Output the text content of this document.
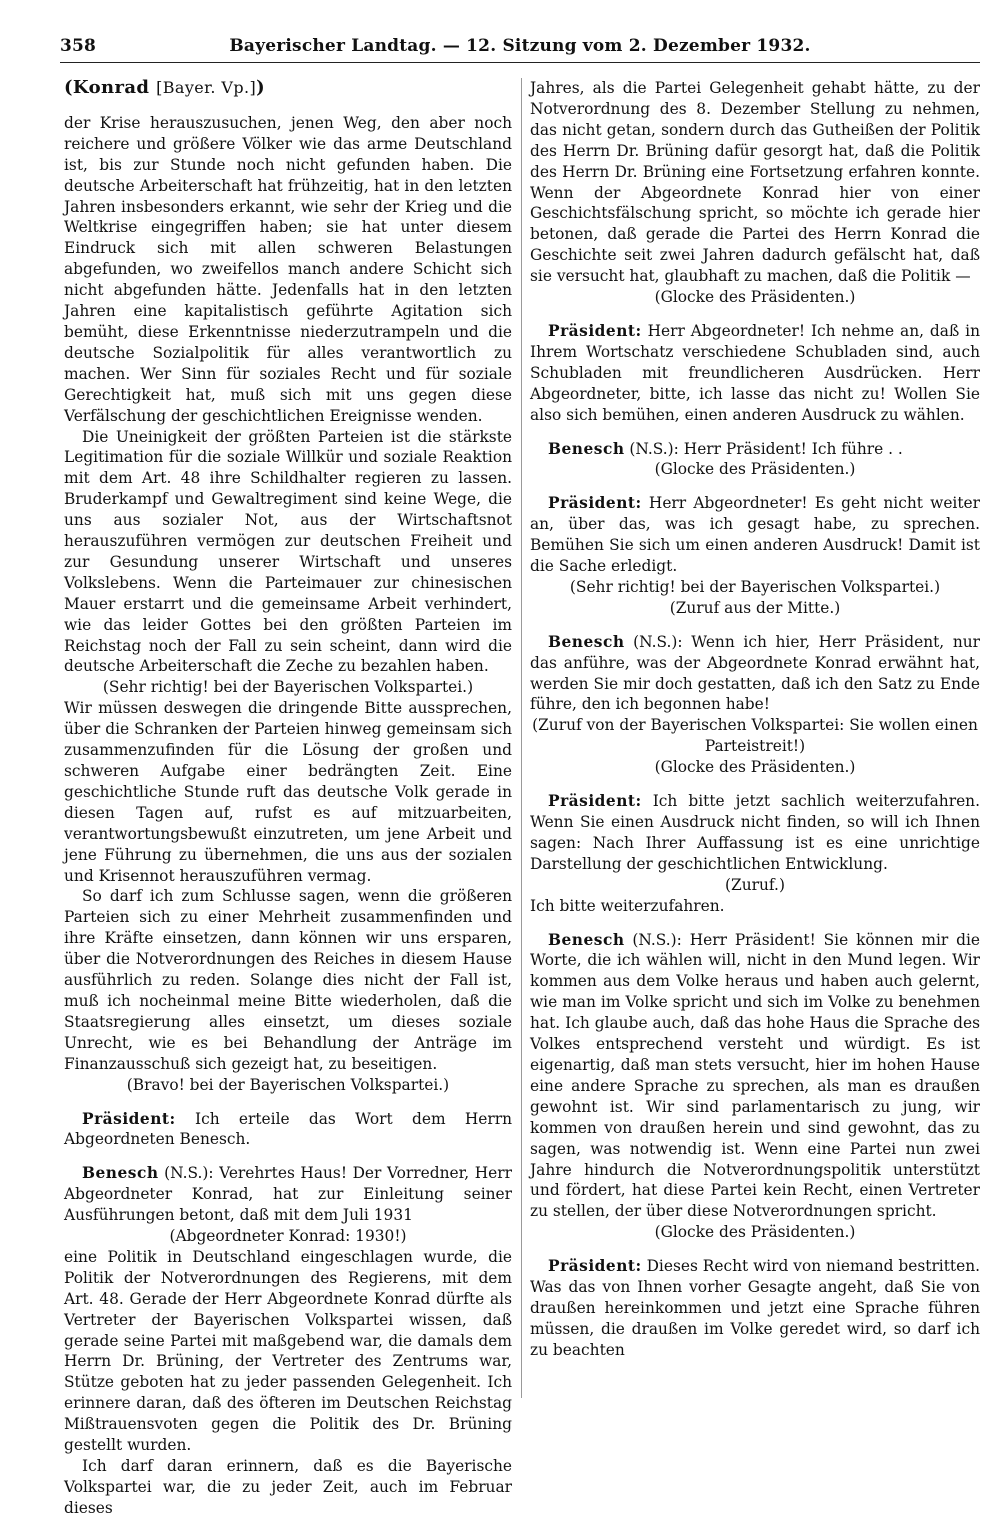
358	Bayerischer Landtag. — 12. Sitzung vom 2. Dezember 1932.

(Konrad [Bayer. Vp.])

der Krise herauszusuchen, jenen Weg, den aber noch reichere und größere Völker wie das arme Deutschland ist, bis zur Stunde noch nicht gefunden haben. Die deutsche Arbeiterschaft hat frühzeitig, hat in den letzten Jahren insbesonders erkannt, wie sehr der Krieg und die Weltkrise eingegriffen haben; sie hat unter diesem Eindruck sich mit allen schweren Belastungen abgefunden, wo zweifellos manch andere Schicht sich nicht abgefunden hätte. Jedenfalls hat in den letzten Jahren eine kapitalistisch geführte Agitation sich bemüht, diese Erkenntnisse niederzutrampeln und die deutsche Sozialpolitik für alles verantwortlich zu machen. Wer Sinn für soziales Recht und für soziale Gerechtigkeit hat, muß sich mit uns gegen diese Verfälschung der geschichtlichen Ereignisse wenden.

Die Uneinigkeit der größten Parteien ist die stärkste Legitimation für die soziale Willkür und soziale Reaktion mit dem Art. 48 ihre Schildhalter regieren zu lassen. Bruderkampf und Gewaltregiment sind keine Wege, die uns aus sozialer Not, aus der Wirtschaftsnot herauszuführen vermögen zur deutschen Freiheit und zur Gesundung unserer Wirtschaft und unseres Volkslebens. Wenn die Parteimauer zur chinesischen Mauer erstarrt und die gemeinsame Arbeit verhindert, wie das leider Gottes bei den größten Parteien im Reichstag noch der Fall zu sein scheint, dann wird die deutsche Arbeiterschaft die Zeche zu bezahlen haben.

(Sehr richtig! bei der Bayerischen Volkspartei.)

Wir müssen deswegen die dringende Bitte aussprechen, über die Schranken der Parteien hinweg gemeinsam sich zusammenzufinden für die Lösung der großen und schweren Aufgabe einer bedrängten Zeit. Eine geschichtliche Stunde ruft das deutsche Volk gerade in diesen Tagen auf, rufst es auf mitzuarbeiten, verantwortungsbewußt einzutreten, um jene Arbeit und jene Führung zu übernehmen, die uns aus der sozialen und Krisennot herauszuführen vermag.

So darf ich zum Schlusse sagen, wenn die größeren Parteien sich zu einer Mehrheit zusammenfinden und ihre Kräfte einsetzen, dann können wir uns ersparen, über die Notverordnungen des Reiches in diesem Hause ausführlich zu reden. Solange dies nicht der Fall ist, muß ich nocheinmal meine Bitte wiederholen, daß die Staatsregierung alles einsetzt, um dieses soziale Unrecht, wie es bei Behandlung der Anträge im Finanzausschuß sich gezeigt hat, zu beseitigen.

(Bravo! bei der Bayerischen Volkspartei.)

Präsident: Ich erteile das Wort dem Herrn Abgeordneten Benesch.

Benesch (N.S.): Verehrtes Haus! Der Vorredner, Herr Abgeordneter Konrad, hat zur Einleitung seiner Ausführungen betont, daß mit dem Juli 1931

(Abgeordneter Konrad: 1930!)

eine Politik in Deutschland eingeschlagen wurde, die Politik der Notverordnungen des Regierens, mit dem Art. 48. Gerade der Herr Abgeordnete Konrad dürfte als Vertreter der Bayerischen Volkspartei wissen, daß gerade seine Partei mit maßgebend war, die damals dem Herrn Dr. Brüning, der Vertreter des Zentrums war, Stütze geboten hat zu jeder passenden Gelegenheit. Ich erinnere daran, daß des öfteren im Deutschen Reichstag Mißtrauensvoten gegen die Politik des Dr. Brüning gestellt wurden.

Ich darf daran erinnern, daß es die Bayerische Volkspartei war, die zu jeder Zeit, auch im Februar dieses

Jahres, als die Partei Gelegenheit gehabt hätte, zu der Notverordnung des 8. Dezember Stellung zu nehmen, das nicht getan, sondern durch das Gutheißen der Politik des Herrn Dr. Brüning dafür gesorgt hat, daß die Politik des Herrn Dr. Brüning eine Fortsetzung erfahren konnte. Wenn der Abgeordnete Konrad hier von einer Geschichtsfälschung spricht, so möchte ich gerade hier betonen, daß gerade die Partei des Herrn Konrad die Geschichte seit zwei Jahren dadurch gefälscht hat, daß sie versucht hat, glaubhaft zu machen, daß die Politik —

(Glocke des Präsidenten.)

Präsident: Herr Abgeordneter! Ich nehme an, daß in Ihrem Wortschatz verschiedene Schubladen sind, auch Schubladen mit freundlicheren Ausdrücken. Herr Abgeordneter, bitte, ich lasse das nicht zu! Wollen Sie also sich bemühen, einen anderen Ausdruck zu wählen.

Benesch (N.S.): Herr Präsident! Ich führe . .

(Glocke des Präsidenten.)

Präsident: Herr Abgeordneter! Es geht nicht weiter an, über das, was ich gesagt habe, zu sprechen. Bemühen Sie sich um einen anderen Ausdruck! Damit ist die Sache erledigt.

(Sehr richtig! bei der Bayerischen Volkspartei.)

(Zuruf aus der Mitte.)

Benesch (N.S.): Wenn ich hier, Herr Präsident, nur das anführe, was der Abgeordnete Konrad erwähnt hat, werden Sie mir doch gestatten, daß ich den Satz zu Ende führe, den ich begonnen habe!

(Zuruf von der Bayerischen Volkspartei: Sie wollen einen Parteistreit!)

(Glocke des Präsidenten.)

Präsident: Ich bitte jetzt sachlich weiterzufahren. Wenn Sie einen Ausdruck nicht finden, so will ich Ihnen sagen: Nach Ihrer Auffassung ist es eine unrichtige Darstellung der geschichtlichen Entwicklung.

(Zuruf.)

Ich bitte weiterzufahren.

Benesch (N.S.): Herr Präsident! Sie können mir die Worte, die ich wählen will, nicht in den Mund legen. Wir kommen aus dem Volke heraus und haben auch gelernt, wie man im Volke spricht und sich im Volke zu benehmen hat. Ich glaube auch, daß das hohe Haus die Sprache des Volkes entsprechend versteht und würdigt. Es ist eigenartig, daß man stets versucht, hier im hohen Hause eine andere Sprache zu sprechen, als man es draußen gewohnt ist. Wir sind parlamentarisch zu jung, wir kommen von draußen herein und sind gewohnt, das zu sagen, was notwendig ist. Wenn eine Partei nun zwei Jahre hindurch die Notverordnungspolitik unterstützt und fördert, hat diese Partei kein Recht, einen Vertreter zu stellen, der über diese Notverordnungen spricht.

(Glocke des Präsidenten.)

Präsident: Dieses Recht wird von niemand bestritten. Was das von Ihnen vorher Gesagte angeht, daß Sie von draußen hereinkommen und jetzt eine Sprache führen müssen, die draußen im Volke geredet wird, so darf ich zu beachten
